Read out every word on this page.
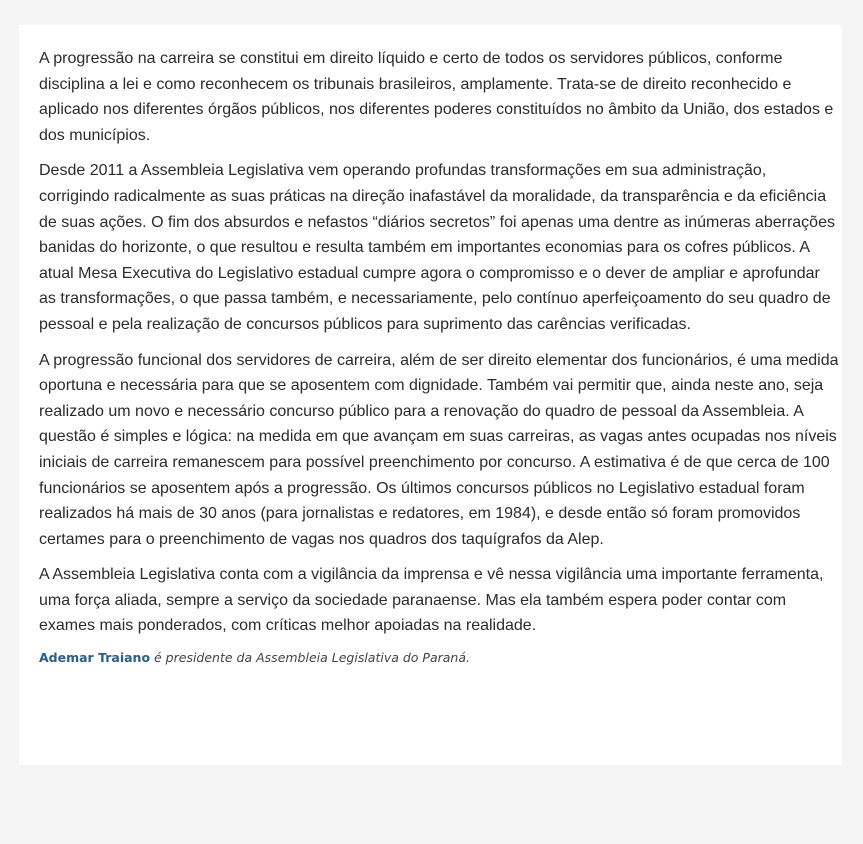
A progressão na carreira se constitui em direito líquido e certo de todos os servidores públicos, conforme disciplina a lei e como reconhecem os tribunais brasileiros, amplamente. Trata-se de direito reconhecido e aplicado nos diferentes órgãos públicos, nos diferentes poderes constituídos no âmbito da União, dos estados e dos municípios.

Desde 2011 a Assembleia Legislativa vem operando profundas transformações em sua administração, corrigindo radicalmente as suas práticas na direção inafastável da moralidade, da transparência e da eficiência de suas ações. O fim dos absurdos e nefastos “diários secretos” foi apenas uma dentre as inúmeras aberrações banidas do horizonte, o que resultou e resulta também em importantes economias para os cofres públicos. A atual Mesa Executiva do Legislativo estadual cumpre agora o compromisso e o dever de ampliar e aprofundar as transformações, o que passa também, e necessariamente, pelo contínuo aperfeiçoamento do seu quadro de pessoal e pela realização de concursos públicos para suprimento das carências verificadas.

A progressão funcional dos servidores de carreira, além de ser direito elementar dos funcionários, é uma medida oportuna e necessária para que se aposentem com dignidade. Também vai permitir que, ainda neste ano, seja realizado um novo e necessário concurso público para a renovação do quadro de pessoal da Assembleia. A questão é simples e lógica: na medida em que avançam em suas carreiras, as vagas antes ocupadas nos níveis iniciais de carreira remanescem para possível preenchimento por concurso. A estimativa é de que cerca de 100 funcionários se aposentem após a progressão. Os últimos concursos públicos no Legislativo estadual foram realizados há mais de 30 anos (para jornalistas e redatores, em 1984), e desde então só foram promovidos certames para o preenchimento de vagas nos quadros dos taquígrafos da Alep.

A Assembleia Legislativa conta com a vigilância da imprensa e vê nessa vigilância uma importante ferramenta, uma força aliada, sempre a serviço da sociedade paranaense. Mas ela também espera poder contar com exames mais ponderados, com críticas melhor apoiadas na realidade.

Ademar Traiano é presidente da Assembleia Legislativa do Paraná.
